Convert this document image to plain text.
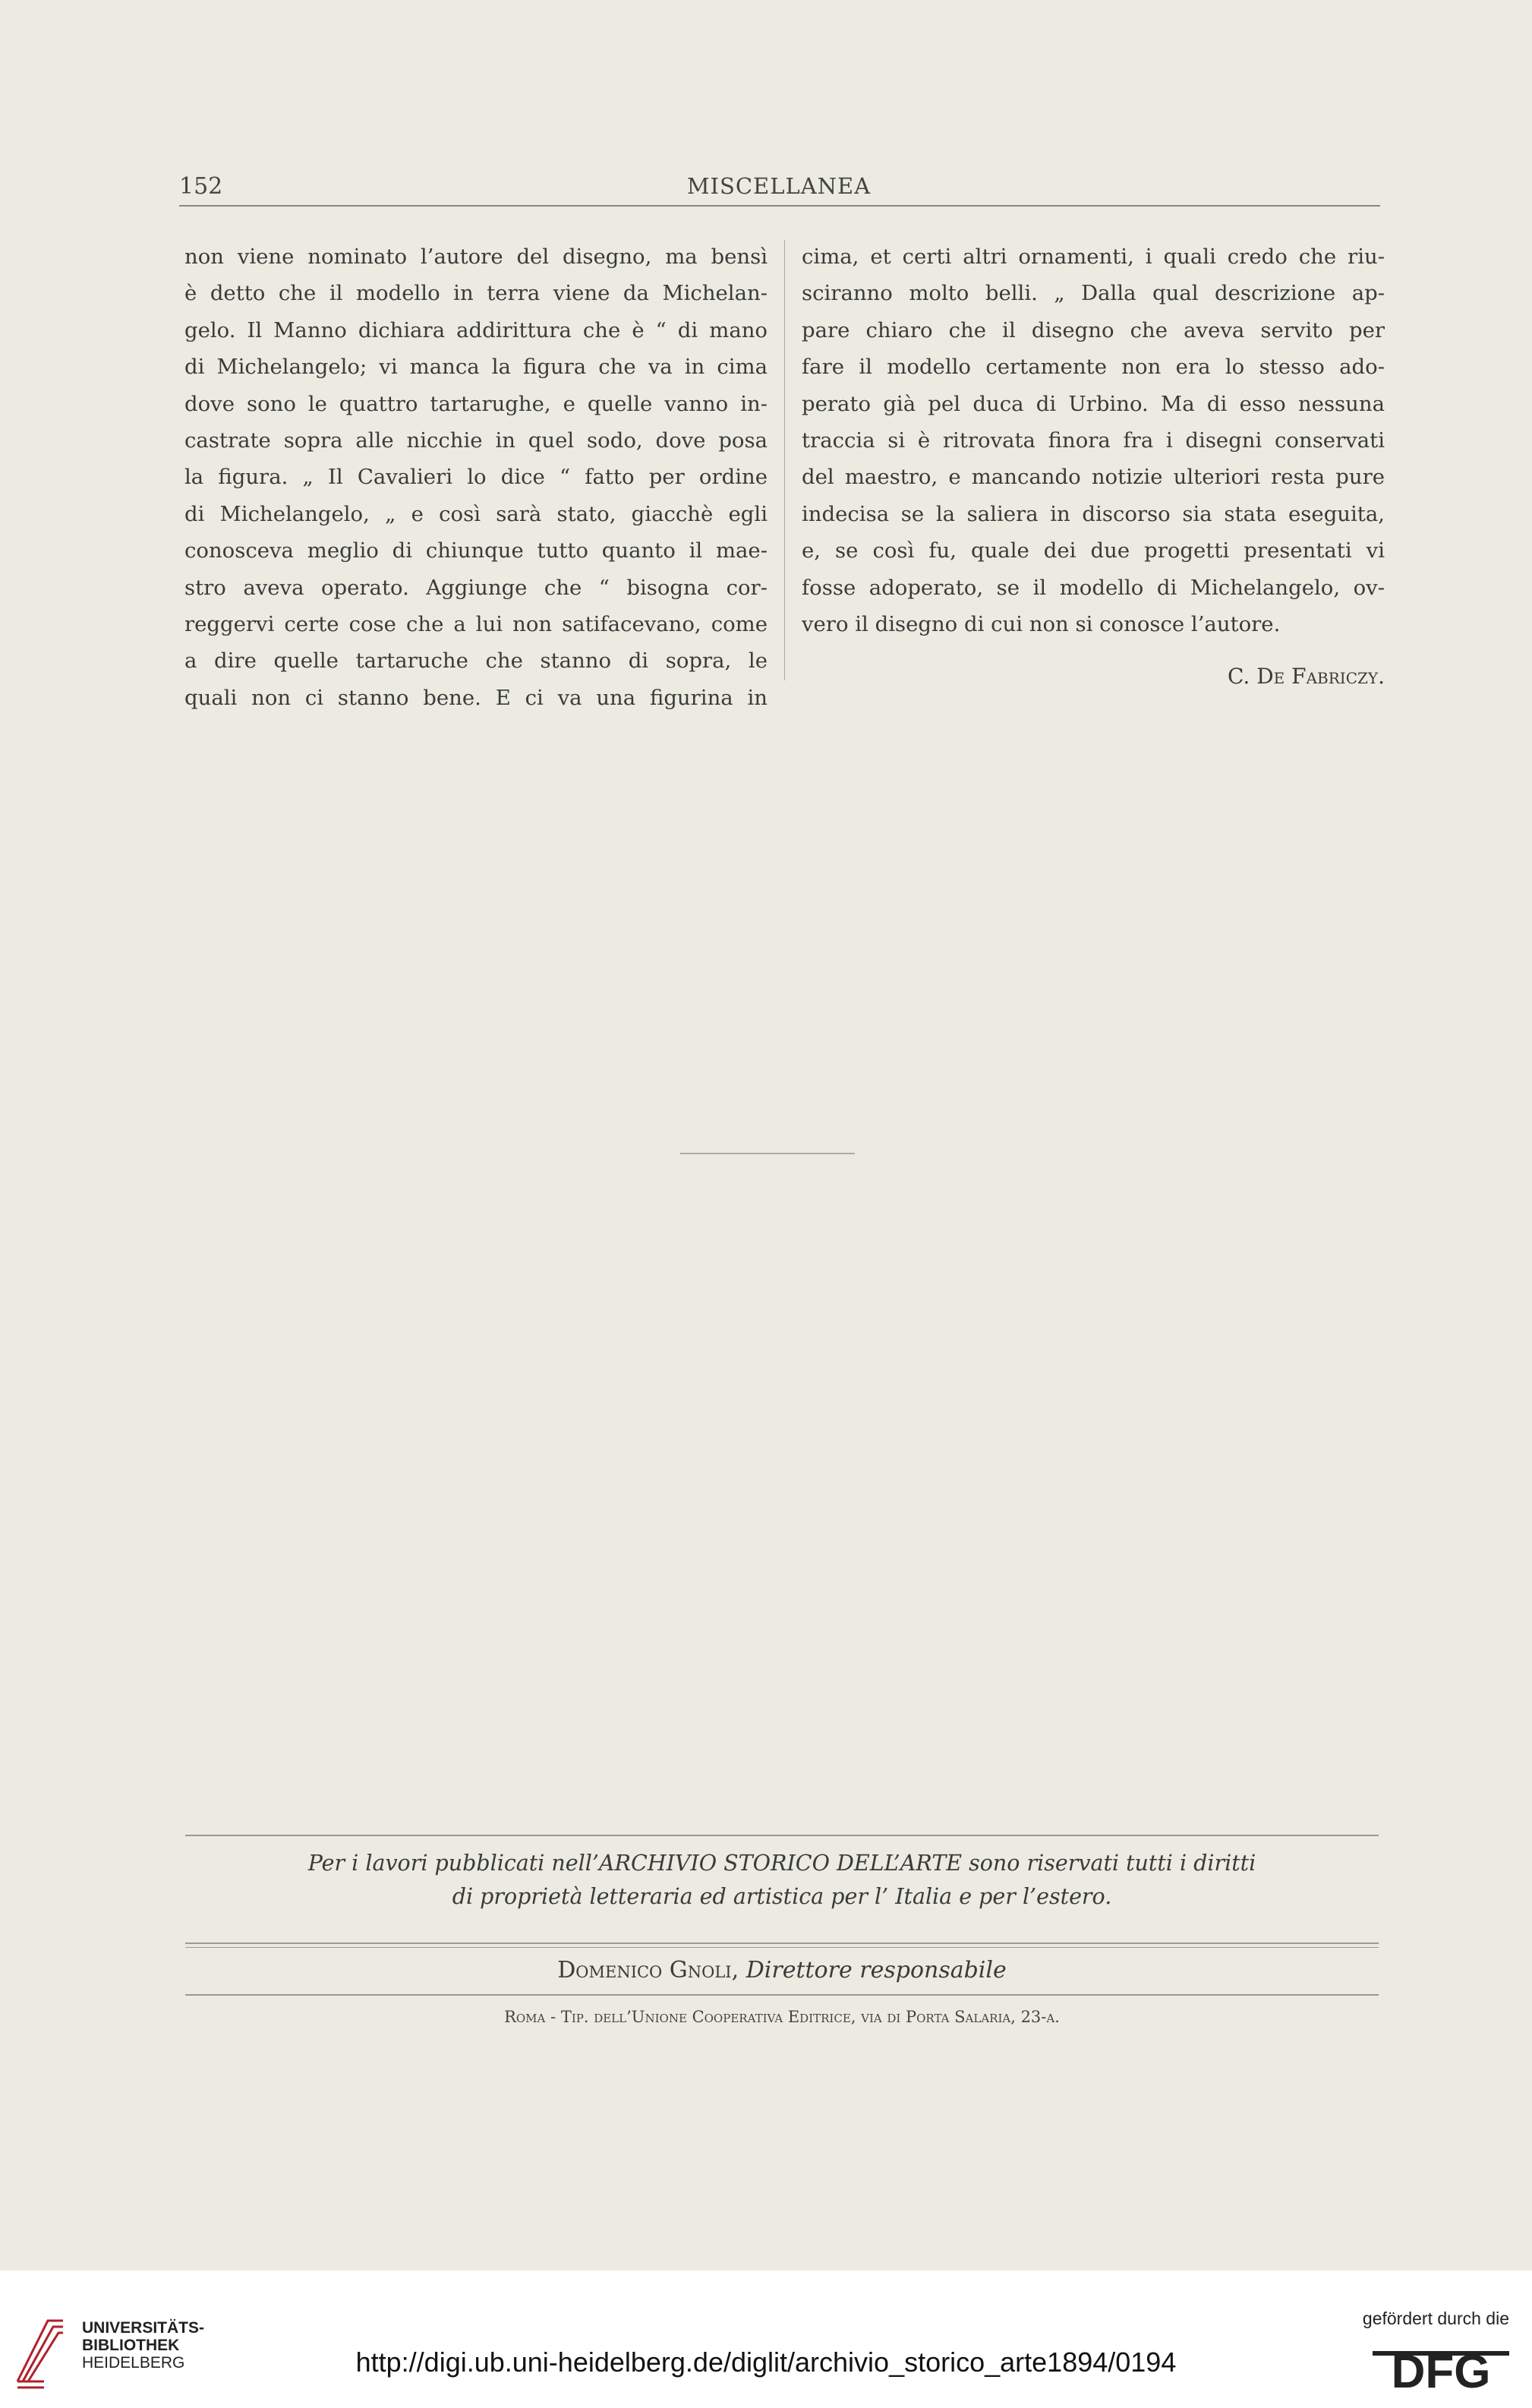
152	MISCELLANEA
non viene nominato l’autore del disegno, ma bensì
è detto che il modello in terra viene da Michelan-
gelo. Il Manno dichiara addirittura che è “ di mano
di Michelangelo; vi manca la figura che va in cima
dove sono le quattro tartarughe, e quelle vanno in-
castrate sopra alle nicchie in quel sodo, dove posa
la figura. „ Il Cavalieri lo dice “ fatto per ordine
di Michelangelo, „ e così sarà stato, giacchè egli
conosceva meglio di chiunque tutto quanto il mae-
stro aveva operato. Aggiunge che “ bisogna cor-
reggervi certe cose che a lui non satifacevano, come
a dire quelle tartaruche che stanno di sopra, le
quali non ci stanno bene. E ci va una figurina in
cima, et certi altri ornamenti, i quali credo che riu-
sciranno molto belli. „ Dalla qual descrizione ap-
pare chiaro che il disegno che aveva servito per
fare il modello certamente non era lo stesso ado-
perato già pel duca di Urbino. Ma di esso nessuna
traccia si è ritrovata finora fra i disegni conservati
del maestro, e mancando notizie ulteriori resta pure
indecisa se la saliera in discorso sia stata eseguita,
e, se così fu, quale dei due progetti presentati vi
fosse adoperato, se il modello di Michelangelo, ov-
vero il disegno di cui non si conosce l’autore.
C. De Fabriczy.
Per i lavori pubblicati nell’ARCHIVIO STORICO DELL’ARTE sono riservati tutti i diritti
di proprietà letteraria ed artistica per l’ Italia e per l’estero.
Domenico Gnoli, Direttore responsabile
Roma - Tip. dell’Unione Cooperativa Editrice, via di Porta Salaria, 23-a.
UNIVERSITÄTS-
BIBLIOTHEK
HEIDELBERG	http://digi.ub.uni-heidelberg.de/diglit/archivio_storico_arte1894/0194
gefördert durch die
DFG
